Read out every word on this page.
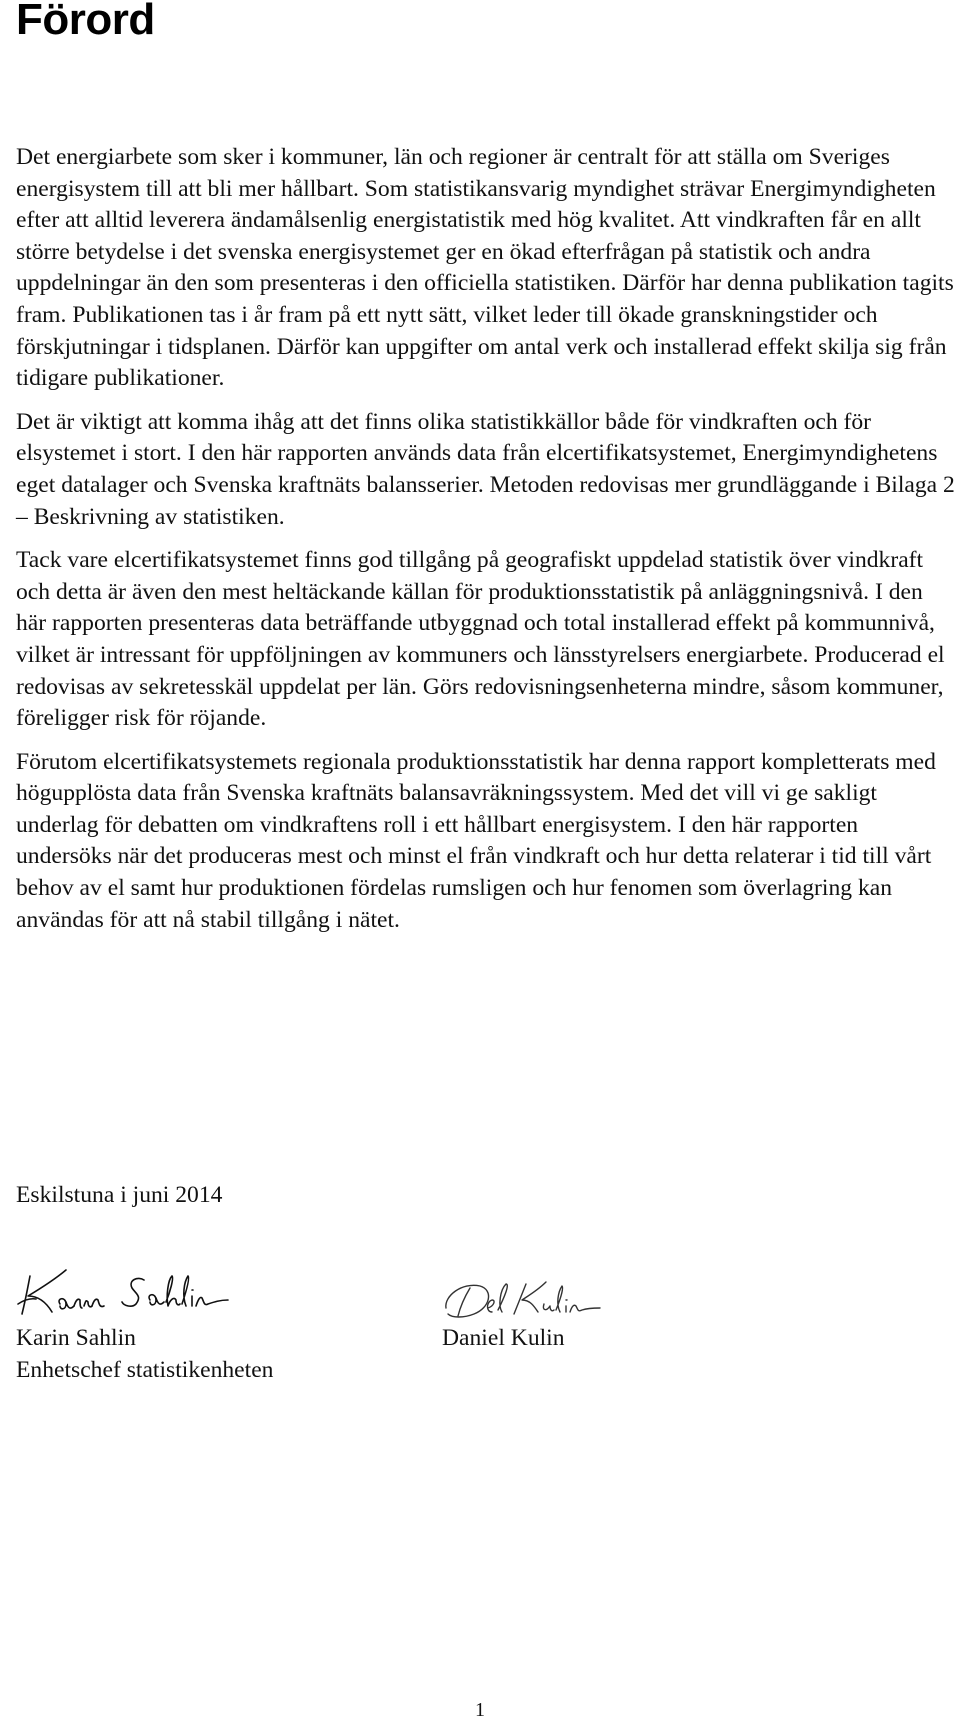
Förord

Det energiarbete som sker i kommuner, län och regioner är centralt för att ställa om Sveriges energisystem till att bli mer hållbart. Som statistikansvarig myndighet strävar Energimyndigheten efter att alltid leverera ändamålsenlig energistatistik med hög kvalitet. Att vindkraften får en allt större betydelse i det svenska energisystemet ger en ökad efterfrågan på statistik och andra uppdelningar än den som presenteras i den officiella statistiken. Därför har denna publikation tagits fram. Publikationen tas i år fram på ett nytt sätt, vilket leder till ökade granskningstider och förskjutningar i tidsplanen. Därför kan uppgifter om antal verk och installerad effekt skilja sig från tidigare publikationer.

Det är viktigt att komma ihåg att det finns olika statistikkällor både för vindkraften och för elsystemet i stort. I den här rapporten används data från elcertifikatsystemet, Energimyndighetens eget datalager och Svenska kraftnäts balansserier. Metoden redovisas mer grundläggande i Bilaga 2 – Beskrivning av statistiken.

Tack vare elcertifikatsystemet finns god tillgång på geografiskt uppdelad statistik över vindkraft och detta är även den mest heltäckande källan för produktionsstatistik på anläggningsnivå. I den här rapporten presenteras data beträffande utbyggnad och total installerad effekt på kommunnivå, vilket är intressant för uppföljningen av kommuners och länsstyrelsers energiarbete. Producerad el redovisas av sekretesskäl uppdelat per län. Görs redovisningsenheterna mindre, såsom kommuner, föreligger risk för röjande.

Förutom elcertifikatsystemets regionala produktionsstatistik har denna rapport kompletterats med högupplösta data från Svenska kraftnäts balansavräkningssystem. Med det vill vi ge sakligt underlag för debatten om vindkraftens roll i ett hållbart energisystem. I den här rapporten undersöks när det produceras mest och minst el från vindkraft och hur detta relaterar i tid till vårt behov av el samt hur produktionen fördelas rumsligen och hur fenomen som överlagring kan användas för att nå stabil tillgång i nätet.

Eskilstuna i juni 2014

Karin Sahlin
Enhetschef statistikenheten
Daniel Kulin
1
